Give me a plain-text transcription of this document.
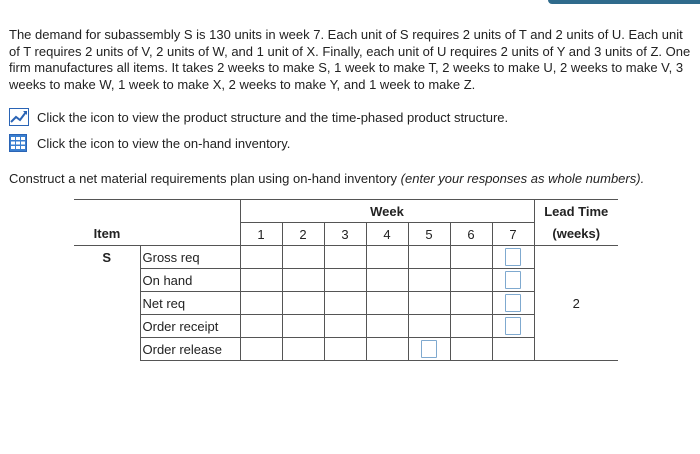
The demand for subassembly S is 130 units in week 7. Each unit of S requires 2 units of T and 2 units of U. Each unit of T requires 2 units of V, 2 units of W, and 1 unit of X. Finally, each unit of U requires 2 units of Y and 3 units of Z. One firm manufactures all items. It takes 2 weeks to make S, 1 week to make T, 2 weeks to make U, 2 weeks to make V, 3 weeks to make W, 1 week to make X, 2 weeks to make Y, and 1 week to make Z.

Click the icon to view the product structure and the time-phased product structure.
Click the icon to view the on-hand inventory.

Construct a net material requirements plan using on-hand inventory (enter your responses as whole numbers).

		Week							Lead Time
Item		1	2	3	4	5	6	7	(weeks)
S	Gross req								2
	On hand								

	Net req								

	Order receipt								

	Order release						
